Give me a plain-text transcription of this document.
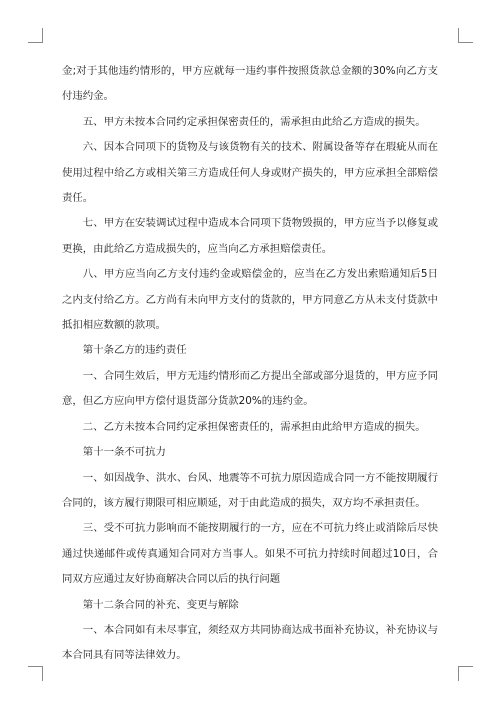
金;对于其他违约情形的，甲方应就每一违约事件按照货款总金额的30%向乙方支付违约金。

五、甲方未按本合同约定承担保密责任的，需承担由此给乙方造成的损失。

六、因本合同项下的货物及与该货物有关的技术、附属设备等存在瑕疵从而在使用过程中给乙方或相关第三方造成任何人身或财产损失的，甲方应承担全部赔偿责任。

七、甲方在安装调试过程中造成本合同项下货物毁损的，甲方应当予以修复或更换，由此给乙方造成损失的，应当向乙方承担赔偿责任。

八、甲方应当向乙方支付违约金或赔偿金的，应当在乙方发出索赔通知后5日之内支付给乙方。乙方尚有未向甲方支付的货款的，甲方同意乙方从未支付货款中抵扣相应数额的款项。

第十条乙方的违约责任

一、合同生效后，甲方无违约情形而乙方提出全部或部分退货的，甲方应予同意，但乙方应向甲方偿付退货部分货款20%的违约金。

二、乙方未按本合同约定承担保密责任的，需承担由此给甲方造成的损失。

第十一条不可抗力

一、如因战争、洪水、台风、地震等不可抗力原因造成合同一方不能按期履行合同的，该方履行期限可相应顺延，对于由此造成的损失，双方均不承担责任。

三、受不可抗力影响而不能按期履行的一方，应在不可抗力终止或消除后尽快通过快递邮件或传真通知合同对方当事人。如果不可抗力持续时间超过10日，合同双方应通过友好协商解决合同以后的执行问题

第十二条合同的补充、变更与解除

一、本合同如有未尽事宜，须经双方共同协商达成书面补充协议，补充协议与本合同具有同等法律效力。
